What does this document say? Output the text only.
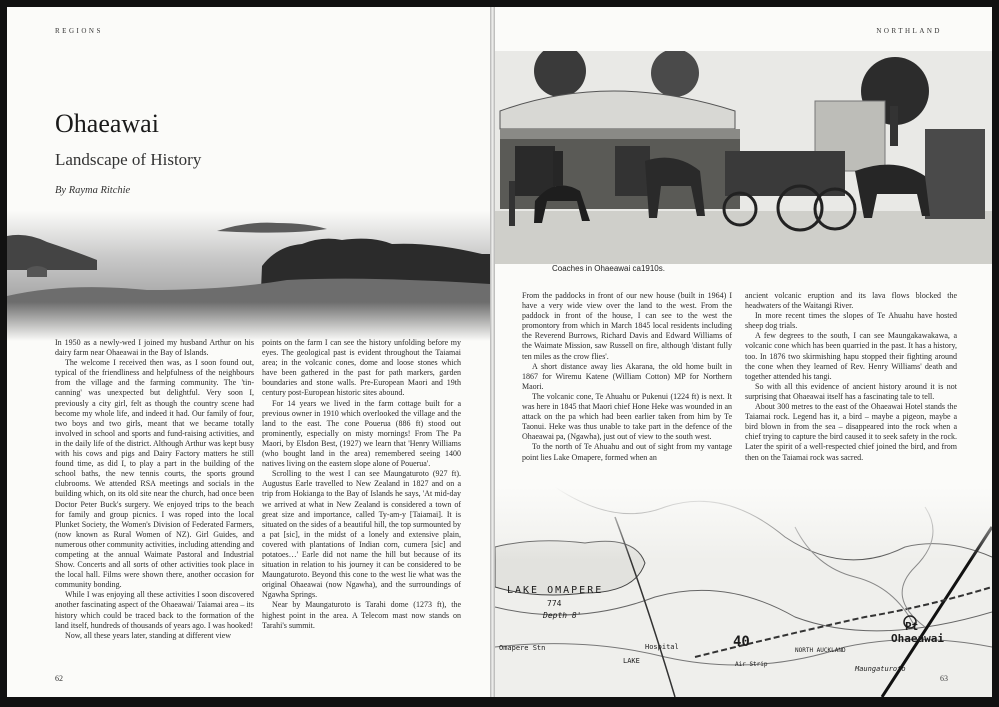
REGIONS
Ohaeawai
Landscape of History
By Rayma Ritchie

In 1950 as a newly-wed I joined my husband Arthur on his dairy farm near Ohaeawai in the Bay of Islands.

The welcome I received then was, as I soon found out, typical of the friendliness and helpfulness of the neighbours from the village and the farming community. The 'tin-canning' was unexpected but delightful. Very soon I, previously a city girl, felt as though the country scene had become my whole life, and indeed it had. Our family of four, two boys and two girls, meant that we became totally involved in school and sports and fund-raising activities, and in the daily life of the district. Although Arthur was kept busy with his cows and pigs and Dairy Factory matters he still found time, as did I, to play a part in the building of the school baths, the new tennis courts, the sports ground clubrooms. We attended RSA meetings and socials in the building which, on its old site near the church, had once been Doctor Peter Buck's surgery. We enjoyed trips to the beach for family and group picnics. I was roped into the local Plunket Society, the Women's Division of Federated Farmers, (now known as Rural Women of NZ). Girl Guides, and numerous other community activities, including attending and competing at the annual Waimate Pastoral and Industrial Show. Concerts and all sorts of other activities took place in the local hall. Films were shown there, another occasion for community bonding.

While I was enjoying all these activities I soon discovered another fascinating aspect of the Ohaeawai/ Taiamai area – its history which could be traced back to the formation of the land itself, hundreds of thousands of years ago. I was hooked!

Now, all these years later, standing at different view

points on the farm I can see the history unfolding before my eyes. The geological past is evident throughout the Taiamai area; in the volcanic cones, dome and loose stones which have been gathered in the past for path markers, garden boundaries and stone walls. Pre-European Maori and 19th century post-European historic sites abound.

For 14 years we lived in the farm cottage built for a previous owner in 1910 which overlooked the village and the land to the east. The cone Pouerua (886 ft) stood out prominently, especially on misty mornings! From The Pa Maori, by Elsdon Best, (1927) we learn that 'Henry Williams (who bought land in the area) remembered seeing 1400 natives living on the eastern slope alone of Pouerua'.

Scrolling to the west I can see Maungaturoto (927 ft). Augustus Earle travelled to New Zealand in 1827 and on a trip from Hokianga to the Bay of Islands he says, 'At mid-day we arrived at what in New Zealand is considered a town of great size and importance, called Ty-am-y [Taiamai]. It is situated on the sides of a beautiful hill, the top surmounted by a pat [sic], in the midst of a lonely and extensive plain, covered with plantations of Indian corn, cumera [sic] and potatoes…' Earle did not name the hill but because of its situation in relation to his journey it can be considered to be Maungaturoto. Beyond this cone to the west lie what was the original Ohaeawai (now Ngawha), and the surroundings of Ngawha Springs.

Near by Maungaturoto is Tarahi dome (1273 ft), the highest point in the area. A Telecom mast now stands on Tarahi's summit.

62
NORTHLAND
Coaches in Ohaeawai ca1910s.

From the paddocks in front of our new house (built in 1964) I have a very wide view over the land to the west. From the paddock in front of the house, I can see to the west the promontory from which in March 1845 local residents including the Reverend Burrows, Richard Davis and Edward Williams of the Waimate Mission, saw Russell on fire, although 'distant fully ten miles as the crow flies'.

A short distance away lies Akarana, the old home built in 1867 for Wiremu Katene (William Cotton) MP for Northern Maori.

The volcanic cone, Te Ahuahu or Pukenui (1224 ft) is next. It was here in 1845 that Maori chief Hone Heke was wounded in an attack on the pa which had been earlier taken from him by Te Taonui. Heke was thus unable to take part in the defence of the Ohaeawai pa, (Ngawha), just out of view to the south west.

To the north of Te Ahuahu and out of sight from my vantage point lies Lake Omapere, formed when an

ancient volcanic eruption and its lava flows blocked the headwaters of the Waitangi River.

In more recent times the slopes of Te Ahuahu have hosted sheep dog trials.

A few degrees to the south, I can see Maungakawakawa, a volcanic cone which has been quarried in the past. It has a history, too. In 1876 two skirmishing hapu stopped their fighting around the cone when they learned of Rev. Henry Williams' death and together attended his tangi.

So with all this evidence of ancient history around it is not surprising that Ohaeawai itself has a fascinating tale to tell.

About 300 metres to the east of the Ohaeawai Hotel stands the Taiamai rock. Legend has it, a bird – maybe a pigeon, maybe a bird blown in from the sea – disappeared into the rock when a chief trying to capture the bird caused it to seek safety in the rock. Later the spirit of a well-respected chief joined the bird, and from then on the Taiamai rock was sacred.

LAKE OMAPERE
774
Depth 8'
Pt
Ohaeawai
40
Omapere Stn
LAKE
Hospital
Maungaturoto
NORTH AUCKLAND
Air Strip
63
